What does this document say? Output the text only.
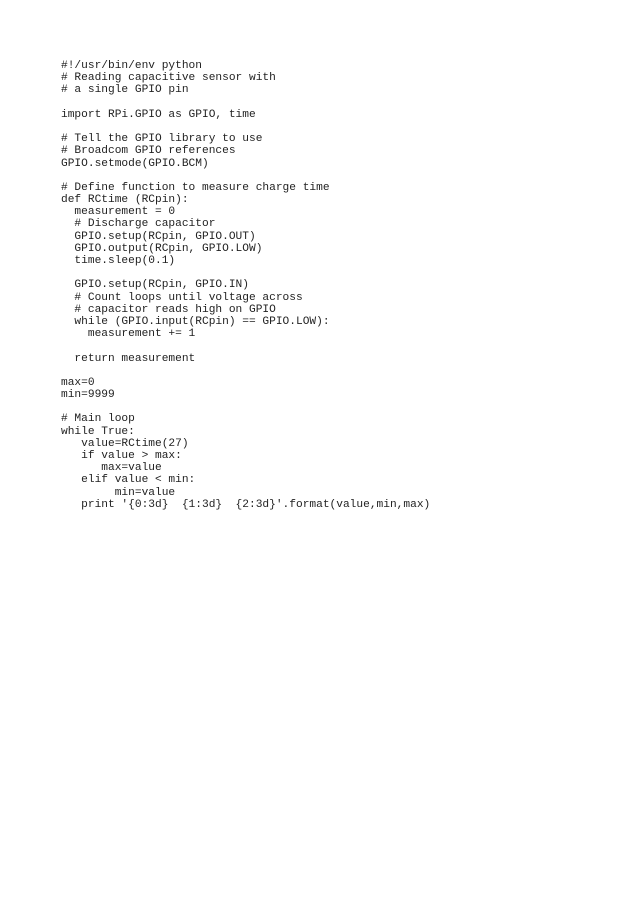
#!/usr/bin/env python
# Reading capacitive sensor with
# a single GPIO pin
import RPi.GPIO as GPIO, time
# Tell the GPIO library to use
# Broadcom GPIO references
GPIO.setmode(GPIO.BCM)
# Define function to measure charge time
def RCtime (RCpin):
measurement = 0
# Discharge capacitor
GPIO.setup(RCpin, GPIO.OUT)
GPIO.output(RCpin, GPIO.LOW)
time.sleep(0.1)
GPIO.setup(RCpin, GPIO.IN)
# Count loops until voltage across
# capacitor reads high on GPIO
while (GPIO.input(RCpin) == GPIO.LOW):
measurement += 1
return measurement
max=0
min=9999
# Main loop
while True:
value=RCtime(27)
if value > max:
max=value
elif value < min:
min=value
print '{0:3d}  {1:3d}  {2:3d}'.format(value,min,max)
